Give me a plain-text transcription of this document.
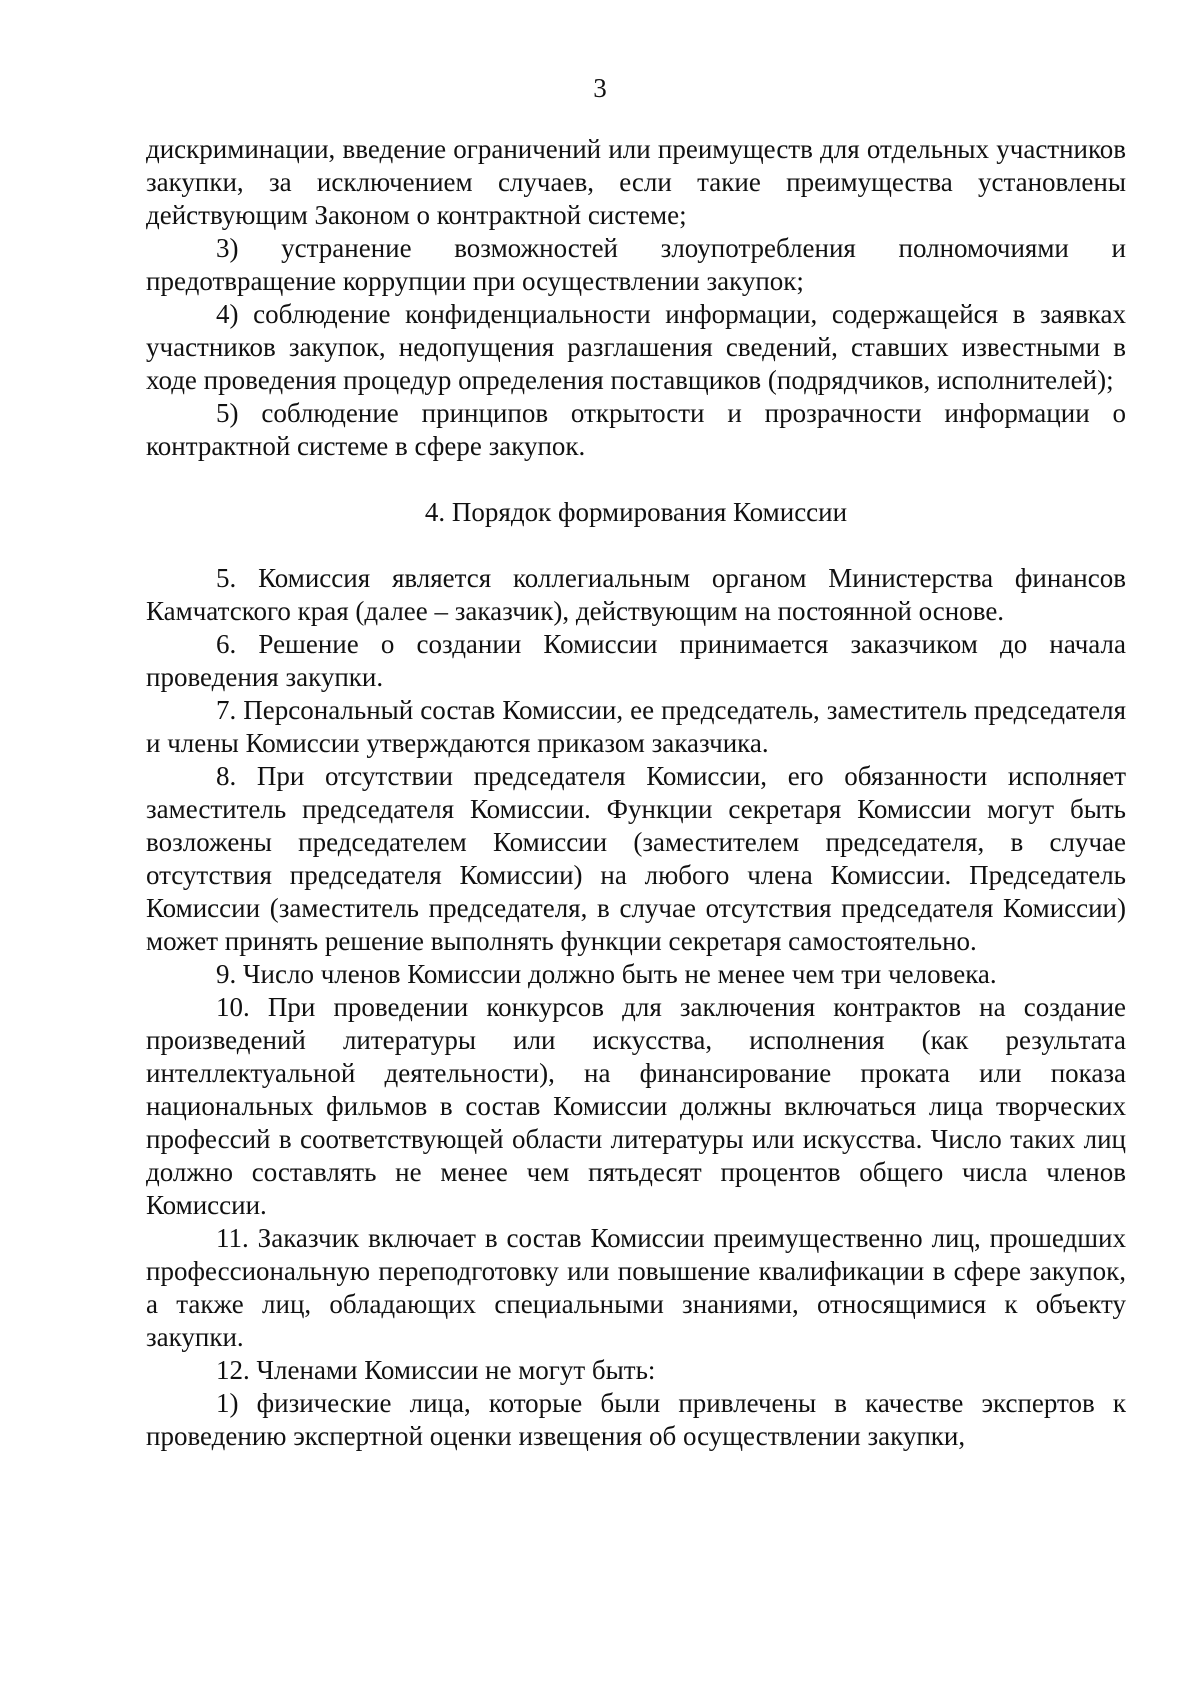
3

дискриминации, введение ограничений или преимуществ для отдельных участников закупки, за исключением случаев, если такие преимущества установлены действующим Законом о контрактной системе;

3) устранение возможностей злоупотребления полномочиями и предотвращение коррупции при осуществлении закупок;

4) соблюдение конфиденциальности информации, содержащейся в заявках участников закупок, недопущения разглашения сведений, ставших известными в ходе проведения процедур определения поставщиков (подрядчиков, исполнителей);

5) соблюдение принципов открытости и прозрачности информации о контрактной системе в сфере закупок.

4. Порядок формирования Комиссии

5. Комиссия является коллегиальным органом Министерства финансов Камчатского края (далее – заказчик), действующим на постоянной основе.

6. Решение о создании Комиссии принимается заказчиком до начала проведения закупки.

7. Персональный состав Комиссии, ее председатель, заместитель председателя и члены Комиссии утверждаются приказом заказчика.

8. При отсутствии председателя Комиссии, его обязанности исполняет заместитель председателя Комиссии. Функции секретаря Комиссии могут быть возложены председателем Комиссии (заместителем председателя, в случае отсутствия председателя Комиссии) на любого члена Комиссии. Председатель Комиссии (заместитель председателя, в случае отсутствия председателя Комиссии) может принять решение выполнять функции секретаря самостоятельно.

9. Число членов Комиссии должно быть не менее чем три человека.

10. При проведении конкурсов для заключения контрактов на создание произведений литературы или искусства, исполнения (как результата интеллектуальной деятельности), на финансирование проката или показа национальных фильмов в состав Комиссии должны включаться лица творческих профессий в соответствующей области литературы или искусства. Число таких лиц должно составлять не менее чем пятьдесят процентов общего числа членов Комиссии.

11. Заказчик включает в состав Комиссии преимущественно лиц, прошедших профессиональную переподготовку или повышение квалификации в сфере закупок, а также лиц, обладающих специальными знаниями, относящимися к объекту закупки.

12. Членами Комиссии не могут быть:

1) физические лица, которые были привлечены в качестве экспертов к проведению экспертной оценки извещения об осуществлении закупки,
